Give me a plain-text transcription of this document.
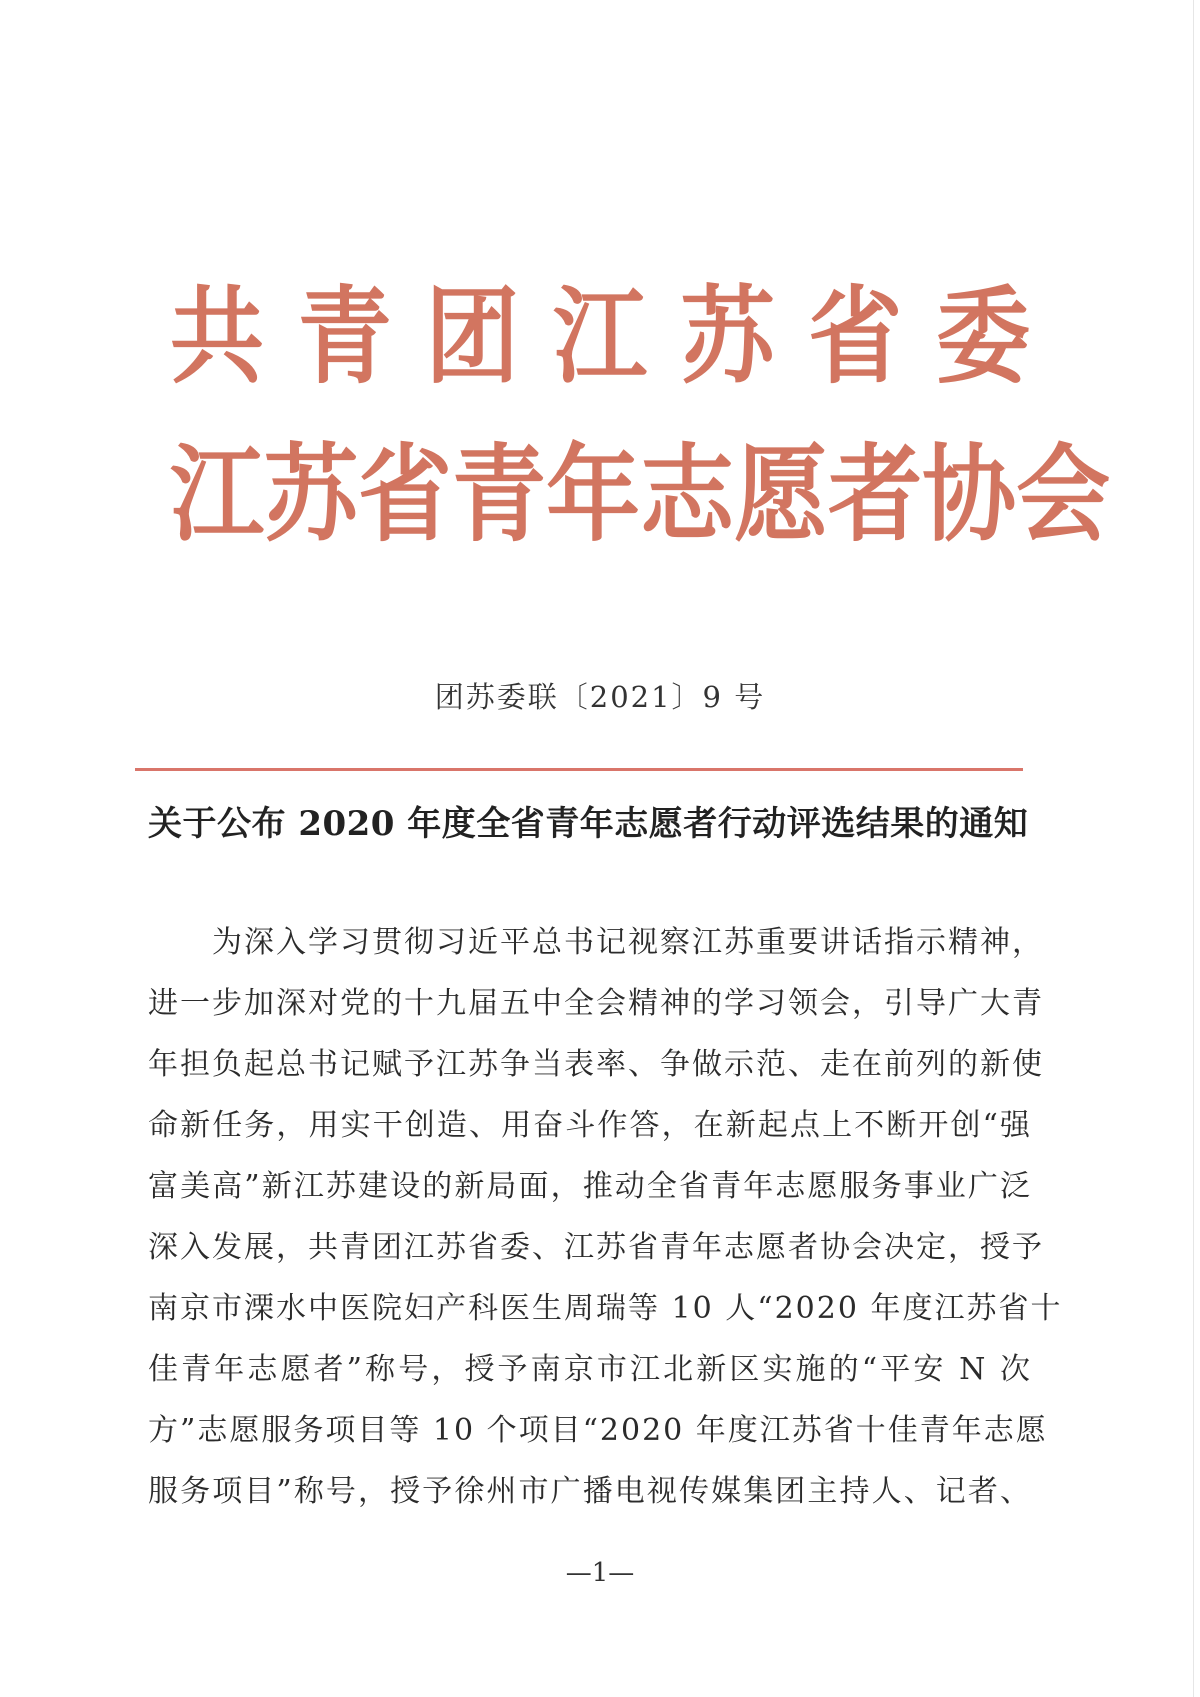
共 青 团 江 苏 省 委
江 苏 省 青 年 志 愿 者 协 会
团苏委联〔2021〕9 号
关于公布 2020 年度全省青年志愿者行动评选结果的通知
为深入学习贯彻习近平总书记视察江苏重要讲话指示精神，
进一步加深对党的十九届五中全会精神的学习领会，引导广大青
年担负起总书记赋予江苏争当表率、争做示范、走在前列的新使
命新任务，用实干创造、用奋斗作答，在新起点上不断开创“强
富美高”新江苏建设的新局面，推动全省青年志愿服务事业广泛
深入发展，共青团江苏省委、江苏省青年志愿者协会决定，授予
南京市溧水中医院妇产科医生周瑞等 10 人“2020 年度江苏省十
佳青年志愿者”称号，授予南京市江北新区实施的“平安 N 次
方”志愿服务项目等 10 个项目“2020 年度江苏省十佳青年志愿
服务项目”称号，授予徐州市广播电视传媒集团主持人、记者、
—1—
